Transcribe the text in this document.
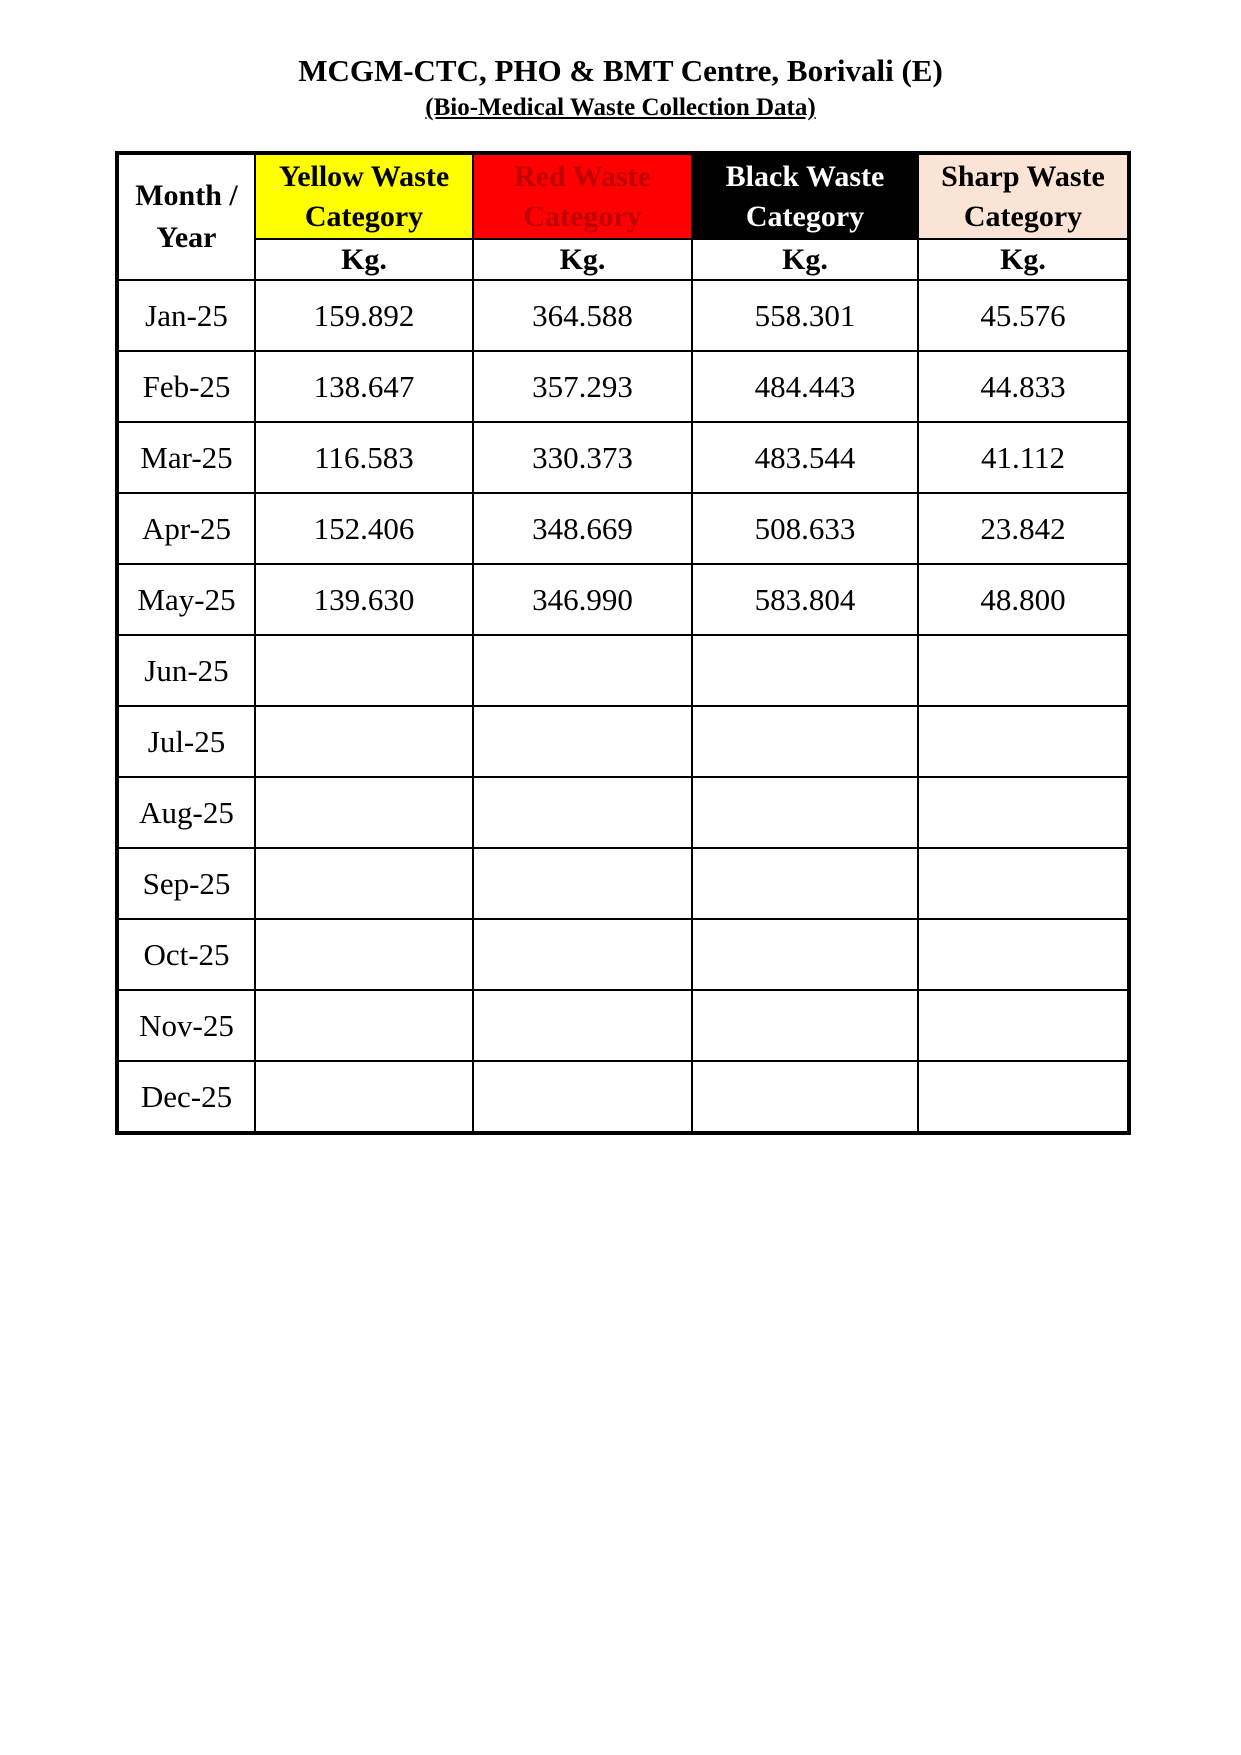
MCGM-CTC, PHO & BMT Centre, Borivali (E)
(Bio-Medical Waste Collection Data)
Month / Year	Yellow Waste Category	Red Waste Category	Black Waste Category	Sharp Waste Category
	Kg.	Kg.	Kg.	Kg.
Jan-25	159.892	364.588	558.301	45.576
Feb-25	138.647	357.293	484.443	44.833
Mar-25	116.583	330.373	483.544	41.112
Apr-25	152.406	348.669	508.633	23.842
May-25	139.630	346.990	583.804	48.800
Jun-25				
Jul-25				
Aug-25				
Sep-25				
Oct-25				
Nov-25				
Dec-25				
